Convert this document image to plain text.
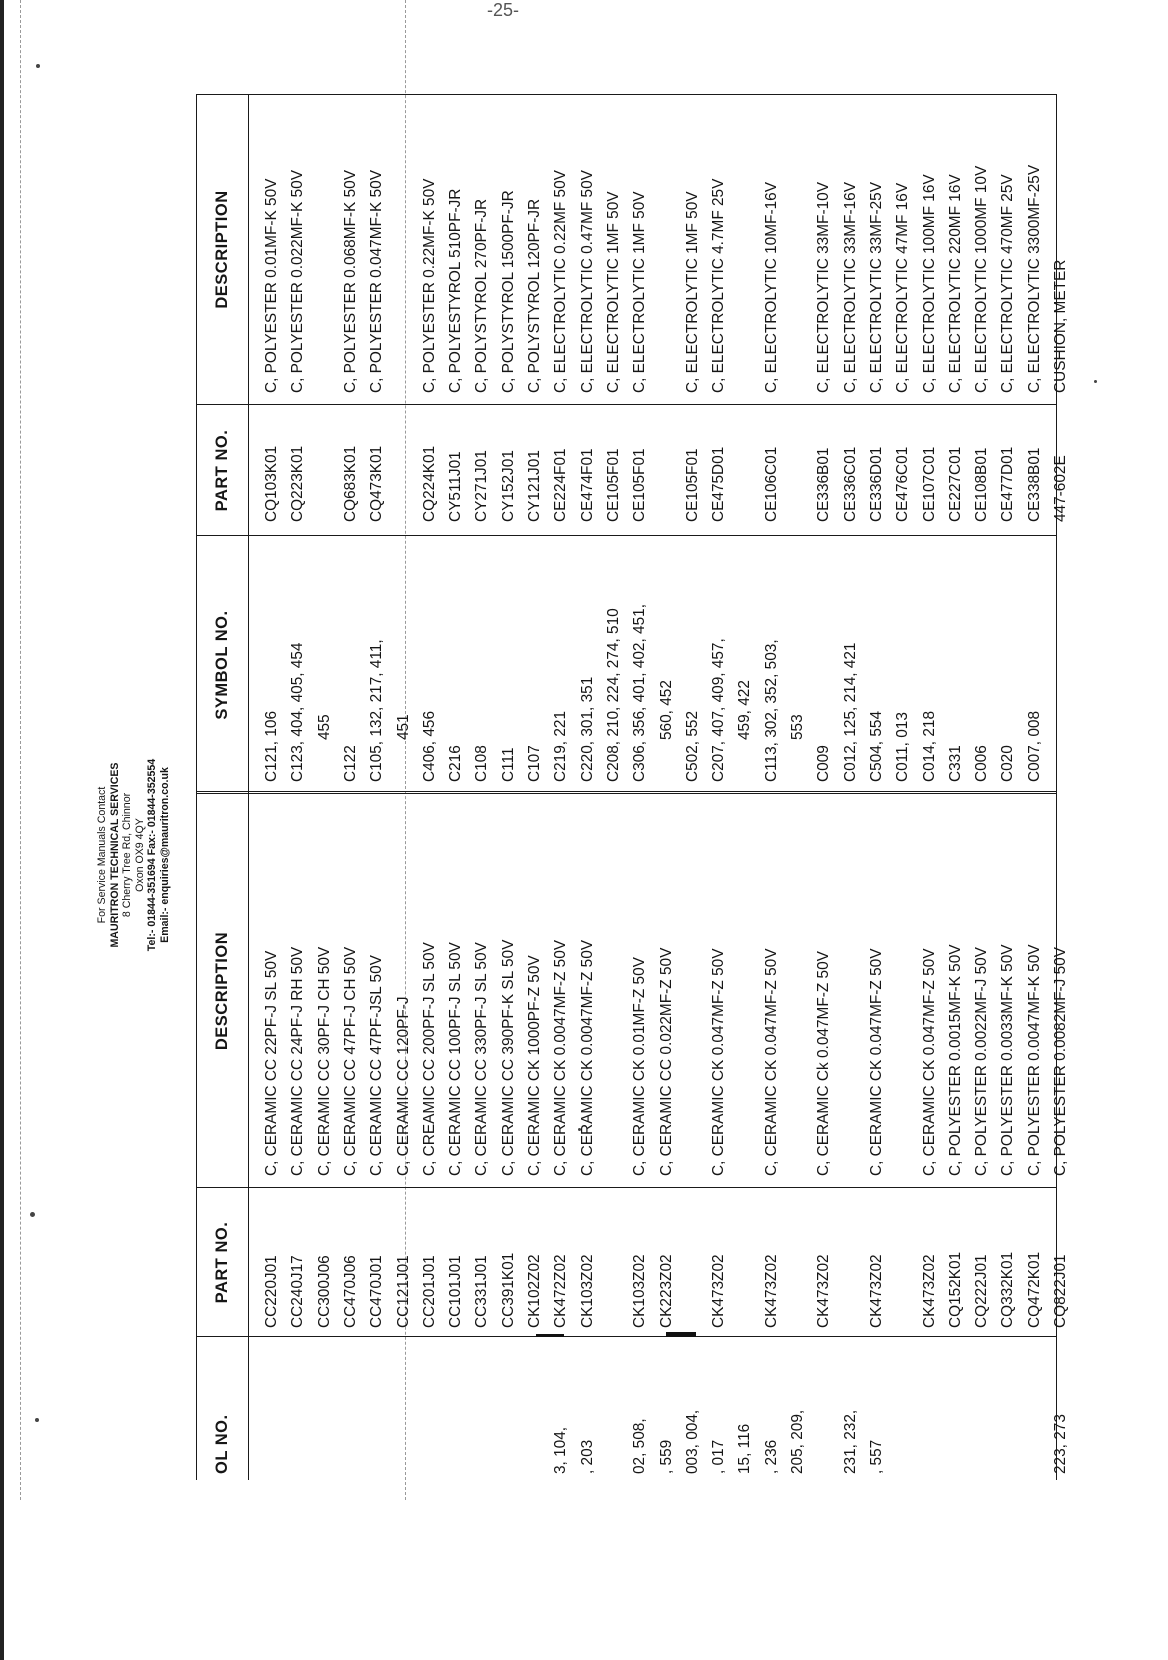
-25-
For Service Manuals Contact MAURITRON TECHNICAL SERVICES 8 Cherry Tree Rd, Chinnor Oxon OX9 4QY Tel:- 01844-351694 Fax:- 01844-352554 Email:- enquiries@mauritron.co.uk
OL NO.
PART NO.
DESCRIPTION
SYMBOL NO.
PART NO.
DESCRIPTION
CC220J01
C, CERAMIC CC 22PF-J SL 50V
C121, 106
CQ103K01
C, POLYESTER 0.01MF-K 50V
CC240J17
C, CERAMIC CC 24PF-J RH 50V
C123, 404, 405, 454
CQ223K01
C, POLYESTER 0.022MF-K 50V
CC300J06
C, CERAMIC CC 30PF-J CH 50V
455
CC470J06
C, CERAMIC CC 47PF-J CH 50V
C122
CQ683K01
C, POLYESTER 0.068MF-K 50V
CC470J01
C, CERAMIC CC 47PF-JSL 50V
C105, 132, 217, 411,
CQ473K01
C, POLYESTER 0.047MF-K 50V
CC121J01
C, CERAMIC CC 120PF-J
451
CC201J01
C, CREAMIC CC 200PF-J SL 50V
C406, 456
CQ224K01
C, POLYESTER 0.22MF-K 50V
CC101J01
C, CERAMIC CC 100PF-J SL 50V
C216
CY511J01
C, POLYESTYROL 510PF-JR
CC331J01
C, CERAMIC CC 330PF-J SL 50V
C108
CY271J01
C, POLYSTYROL 270PF-JR
CC391K01
C, CERAMIC CC 390PF-K SL 50V
C111
CY152J01
C, POLYSTYROL 1500PF-JR
CK102Z02
C, CERAMIC CK 1000PF-Z 50V
C107
CY121J01
C, POLYSTYROL 120PF-JR
3, 104,
CK472Z02
C, CERAMIC CK 0.0047MF-Z 50V
C219, 221
CE224F01
C, ELECTROLYTIC 0.22MF 50V
, 203
CK103Z02
C, CERAMIC CK 0.0047MF-Z 50V
C220, 301, 351
CE474F01
C, ELECTROLYTIC 0.47MF 50V
C208, 210, 224, 274, 510
CE105F01
C, ELECTROLYTIC 1MF 50V
02, 508,
CK103Z02
C, CERAMIC CK 0.01MF-Z 50V
C306, 356, 401, 402, 451,
CE105F01
C, ELECTROLYTIC 1MF 50V
, 559
CK223Z02
C, CERAMIC CC 0.022MF-Z 50V
560, 452
003, 004,
C502, 552
CE105F01
C, ELECTROLYTIC 1MF 50V
, 017
CK473Z02
C, CERAMIC CK 0.047MF-Z 50V
C207, 407, 409, 457,
CE475D01
C, ELECTROLYTIC 4.7MF 25V
15, 116
459, 422
, 236
CK473Z02
C, CERAMIC CK 0.047MF-Z 50V
C113, 302, 352, 503,
CE106C01
C, ELECTROLYTIC 10MF-16V
205, 209,
553
CK473Z02
C, CERAMIC Ck 0.047MF-Z 50V
C009
CE336B01
C, ELECTROLYTIC 33MF-10V
231, 232,
C012, 125, 214, 421
CE336C01
C, ELECTROLYTIC 33MF-16V
, 557
CK473Z02
C, CERAMIC CK 0.047MF-Z 50V
C504, 554
CE336D01
C, ELECTROLYTIC 33MF-25V
C011, 013
CE476C01
C, ELECTROLYTIC 47MF 16V
CK473Z02
C, CERAMIC CK 0.047MF-Z 50V
C014, 218
CE107C01
C, ELECTROLYTIC 100MF 16V
CQ152K01
C, POLYESTER 0.0015MF-K 50V
C331
CE227C01
C, ELECTROLYTIC 220MF 16V
CQ222J01
C, POLYESTER 0.0022MF-J 50V
C006
CE108B01
C, ELECTROLYTIC 1000MF 10V
CQ332K01
C, POLYESTER 0.0033MF-K 50V
C020
CE477D01
C, ELECTROLYTIC 470MF 25V
CQ472K01
C, POLYESTER 0.0047MF-K 50V
C007, 008
CE338B01
C, ELECTROLYTIC 3300MF-25V
223, 273
CQ822J01
C, POLYESTER 0.0082MF-J 50V
447-602E
CUSHION, METER
